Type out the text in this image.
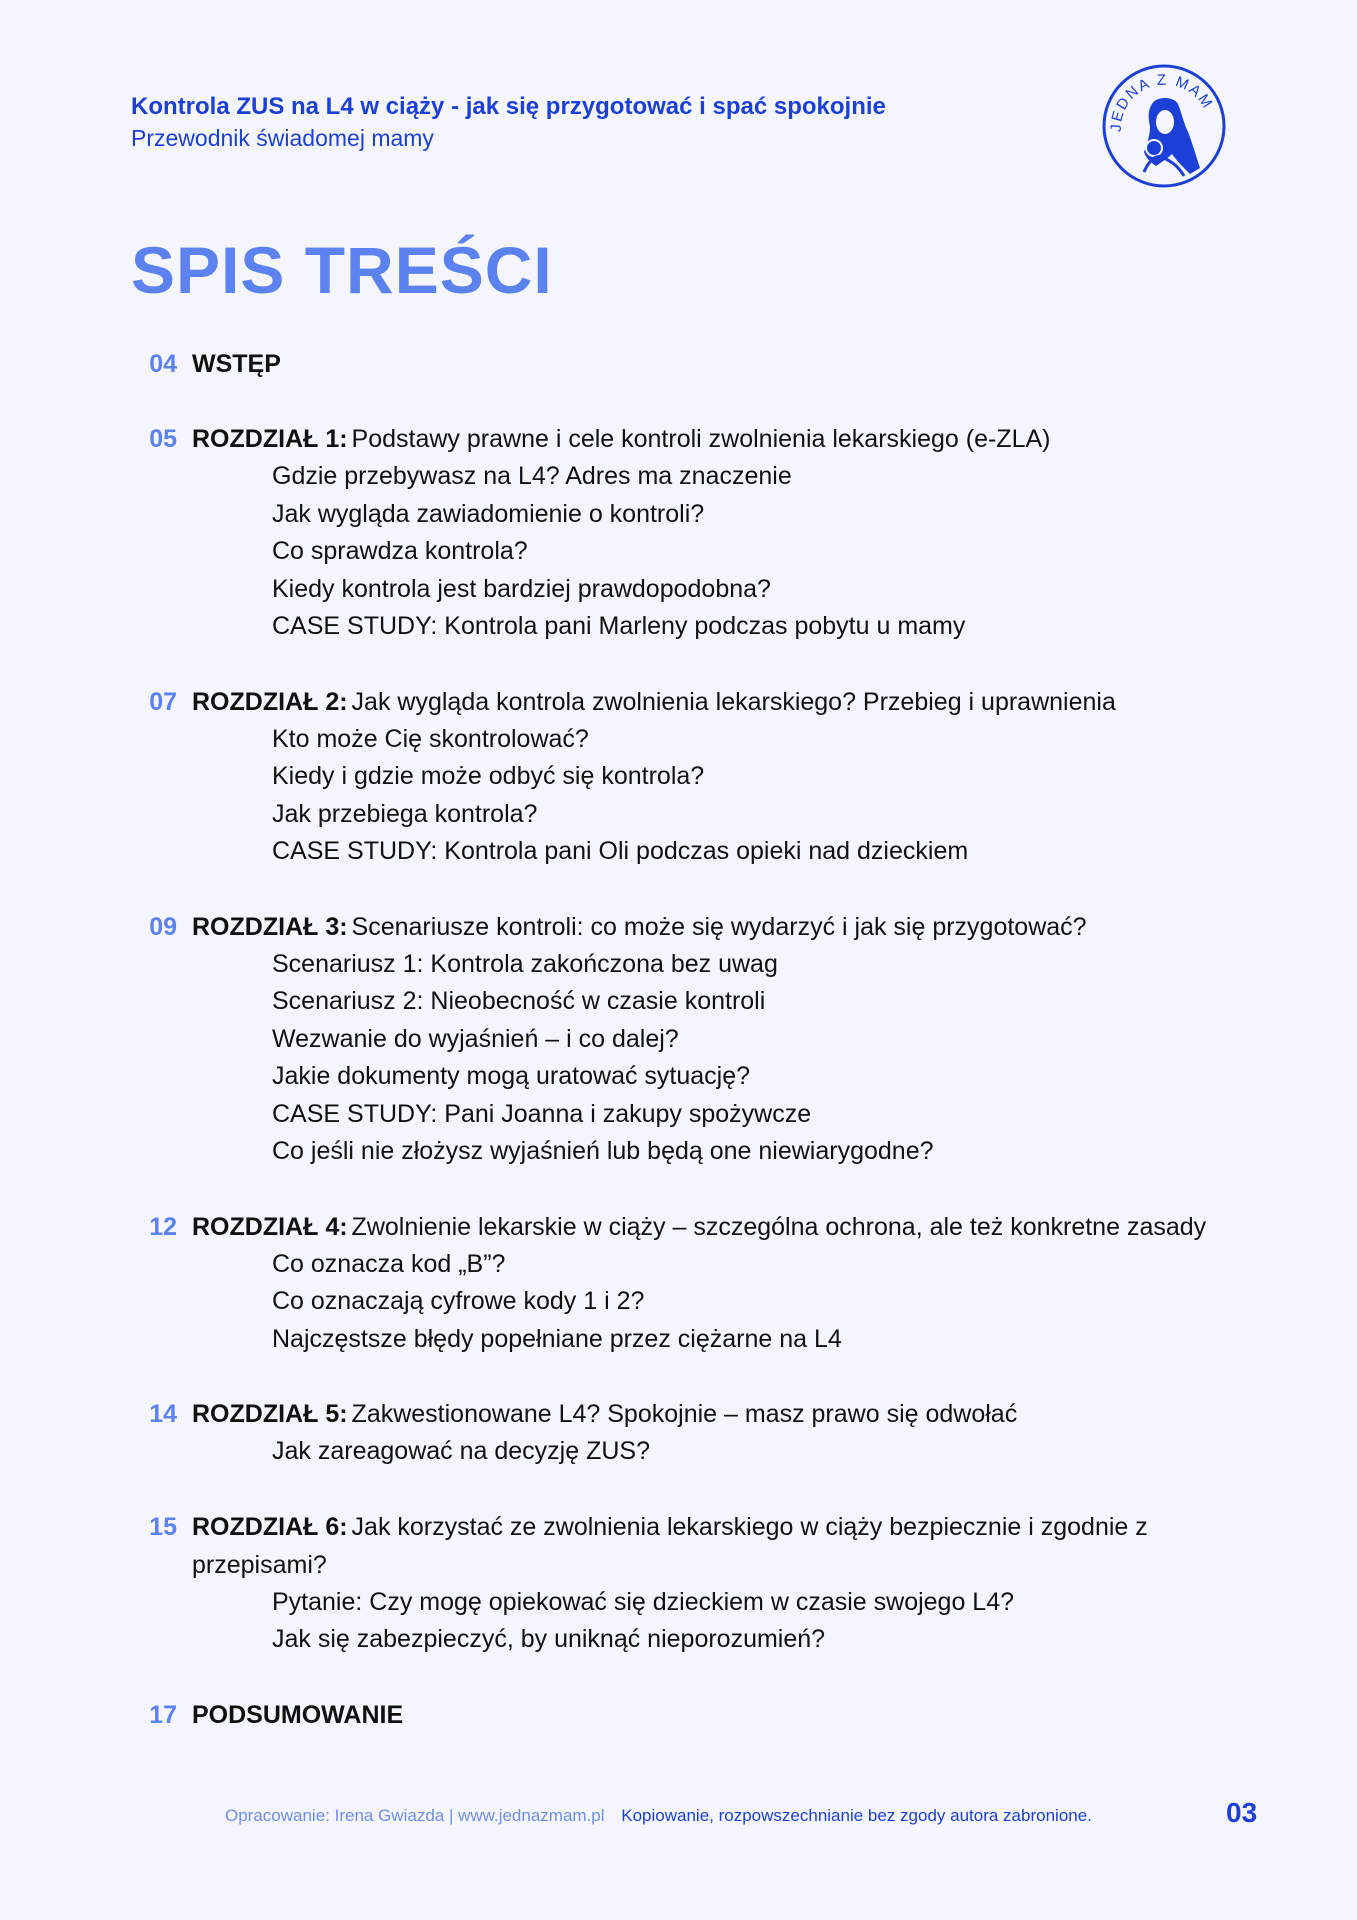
Kontrola ZUS na L4 w ciąży - jak się przygotować i spać spokojnie
Przewodnik świadomej mamy	JEDNA Z MAM
SPIS TREŚCI
04 WSTĘP
05 ROZDZIAŁ 1: Podstawy prawne i cele kontroli zwolnienia lekarskiego (e-ZLA)
Gdzie przebywasz na L4? Adres ma znaczenie
Jak wygląda zawiadomienie o kontroli?
Co sprawdza kontrola?
Kiedy kontrola jest bardziej prawdopodobna?
CASE STUDY: Kontrola pani Marleny podczas pobytu u mamy
07 ROZDZIAŁ 2: Jak wygląda kontrola zwolnienia lekarskiego? Przebieg i uprawnienia
Kto może Cię skontrolować?
Kiedy i gdzie może odbyć się kontrola?
Jak przebiega kontrola?
CASE STUDY: Kontrola pani Oli podczas opieki nad dzieckiem
09 ROZDZIAŁ 3: Scenariusze kontroli: co może się wydarzyć i jak się przygotować?
Scenariusz 1: Kontrola zakończona bez uwag
Scenariusz 2: Nieobecność w czasie kontroli
Wezwanie do wyjaśnień – i co dalej?
Jakie dokumenty mogą uratować sytuację?
CASE STUDY: Pani Joanna i zakupy spożywcze
Co jeśli nie złożysz wyjaśnień lub będą one niewiarygodne?
12 ROZDZIAŁ 4: Zwolnienie lekarskie w ciąży – szczególna ochrona, ale też konkretne zasady
Co oznacza kod „B”?
Co oznaczają cyfrowe kody 1 i 2?
Najczęstsze błędy popełniane przez ciężarne na L4
14 ROZDZIAŁ 5: Zakwestionowane L4? Spokojnie – masz prawo się odwołać
Jak zareagować na decyzję ZUS?
15 ROZDZIAŁ 6: Jak korzystać ze zwolnienia lekarskiego w ciąży bezpiecznie i zgodnie z przepisami?
Pytanie: Czy mogę opiekować się dzieckiem w czasie swojego L4?
Jak się zabezpieczyć, by uniknąć nieporozumień?
17 PODSUMOWANIE
Opracowanie: Irena Gwiazda | www.jednazmam.pl Kopiowanie, rozpowszechnianie bez zgody autora zabronione.	03
